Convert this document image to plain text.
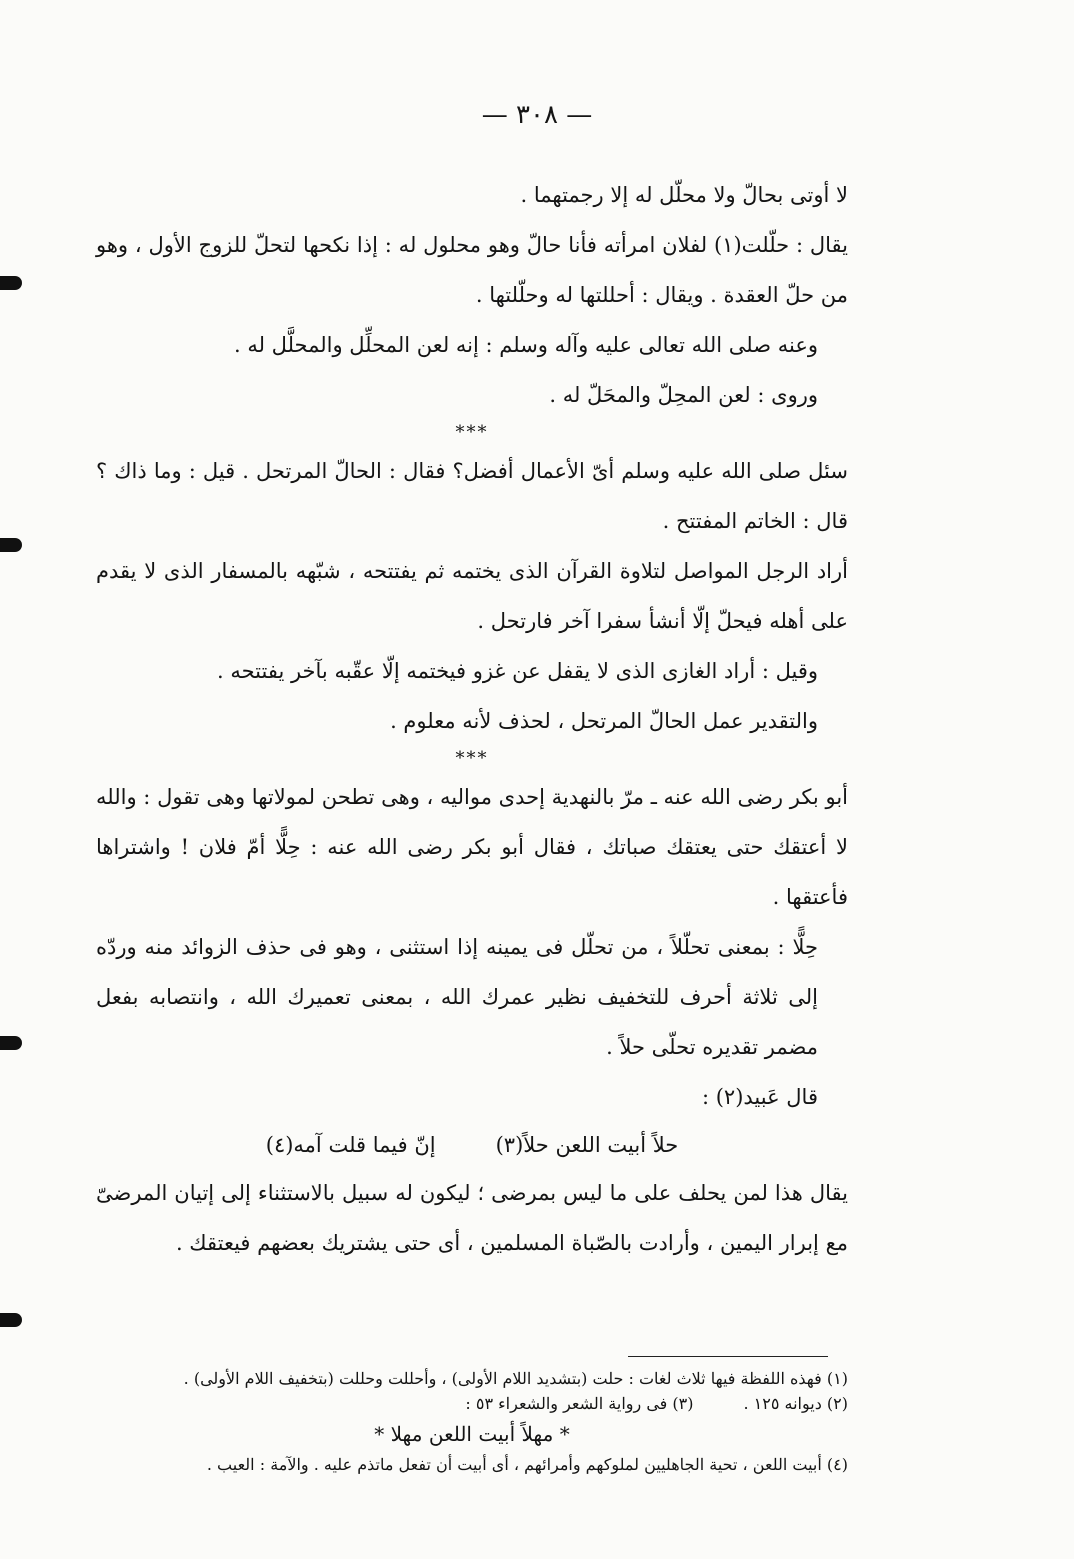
— ٣٠٨ —

لا أوتى بحالّ ولا محلّل له إلا رجمتهما .

يقال : حلّلت(١) لفلان امرأته فأنا حالّ وهو محلول له : إذا نكحها لتحلّ للزوج الأول ، وهو من حلّ العقدة . ويقال : أحللتها له وحلّلتها .

وعنه صلى الله تعالى عليه وآله وسلم : إنه لعن المحلِّل والمحلَّل له .

وروى : لعن المحِلّ والمحَلّ له .

***

سئل صلى الله عليه وسلم أىّ الأعمال أفضل؟ فقال : الحالّ المرتحل . قيل : وما ذاك ؟ قال : الخاتم المفتتح .

أراد الرجل المواصل لتلاوة القرآن الذى يختمه ثم يفتتحه ، شبّهه بالمسفار الذى لا يقدم على أهله فيحلّ إلّا أنشأ سفرا آخر فارتحل .

وقيل : أراد الغازى الذى لا يقفل عن غزو فيختمه إلّا عقّبه بآخر يفتتحه .

والتقدير عمل الحالّ المرتحل ، لحذف لأنه معلوم .

***

أبو بكر رضى الله عنه ـ مرّ بالنهدية إحدى مواليه ، وهى تطحن لمولاتها وهى تقول : والله لا أعتقك حتى يعتقك صباتك ، فقال أبو بكر رضى الله عنه : حِلًّا أمّ فلان ! واشتراها فأعتقها .

حِلًّا : بمعنى تحلّلاً ، من تحلّل فى يمينه إذا استثنى ، وهو فى حذف الزوائد منه وردّه إلى ثلاثة أحرف للتخفيف نظير عمرك الله ، بمعنى تعميرك الله ، وانتصابه بفعل مضمر تقديره تحلّى حلاً .

قال عَبيد(٢) :

حلاً أبيت اللعن حلاً(٣)
إنّ فيما قلت آمه(٤)

يقال هذا لمن يحلف على ما ليس بمرضى ؛ ليكون له سبيل بالاستثناء إلى إتيان المرضىّ مع إبرار اليمين ، وأرادت بالصّباة المسلمين ، أى حتى يشتريك بعضهم فيعتقك .

(١) فهذه اللفظة فيها ثلاث لغات : حلت (بتشديد اللام الأولى) ، وأحللت وحللت (بتخفيف اللام الأولى) .

(٢) ديوانه ١٢٥ .
(٣) فى رواية الشعر والشعراء ٥٣ :

* مهلاً أبيت اللعن مهلا *

(٤) أبيت اللعن ، تحية الجاهليين لملوكهم وأمرائهم ، أى أبيت أن تفعل ماتذم عليه . والآمة : العيب .
